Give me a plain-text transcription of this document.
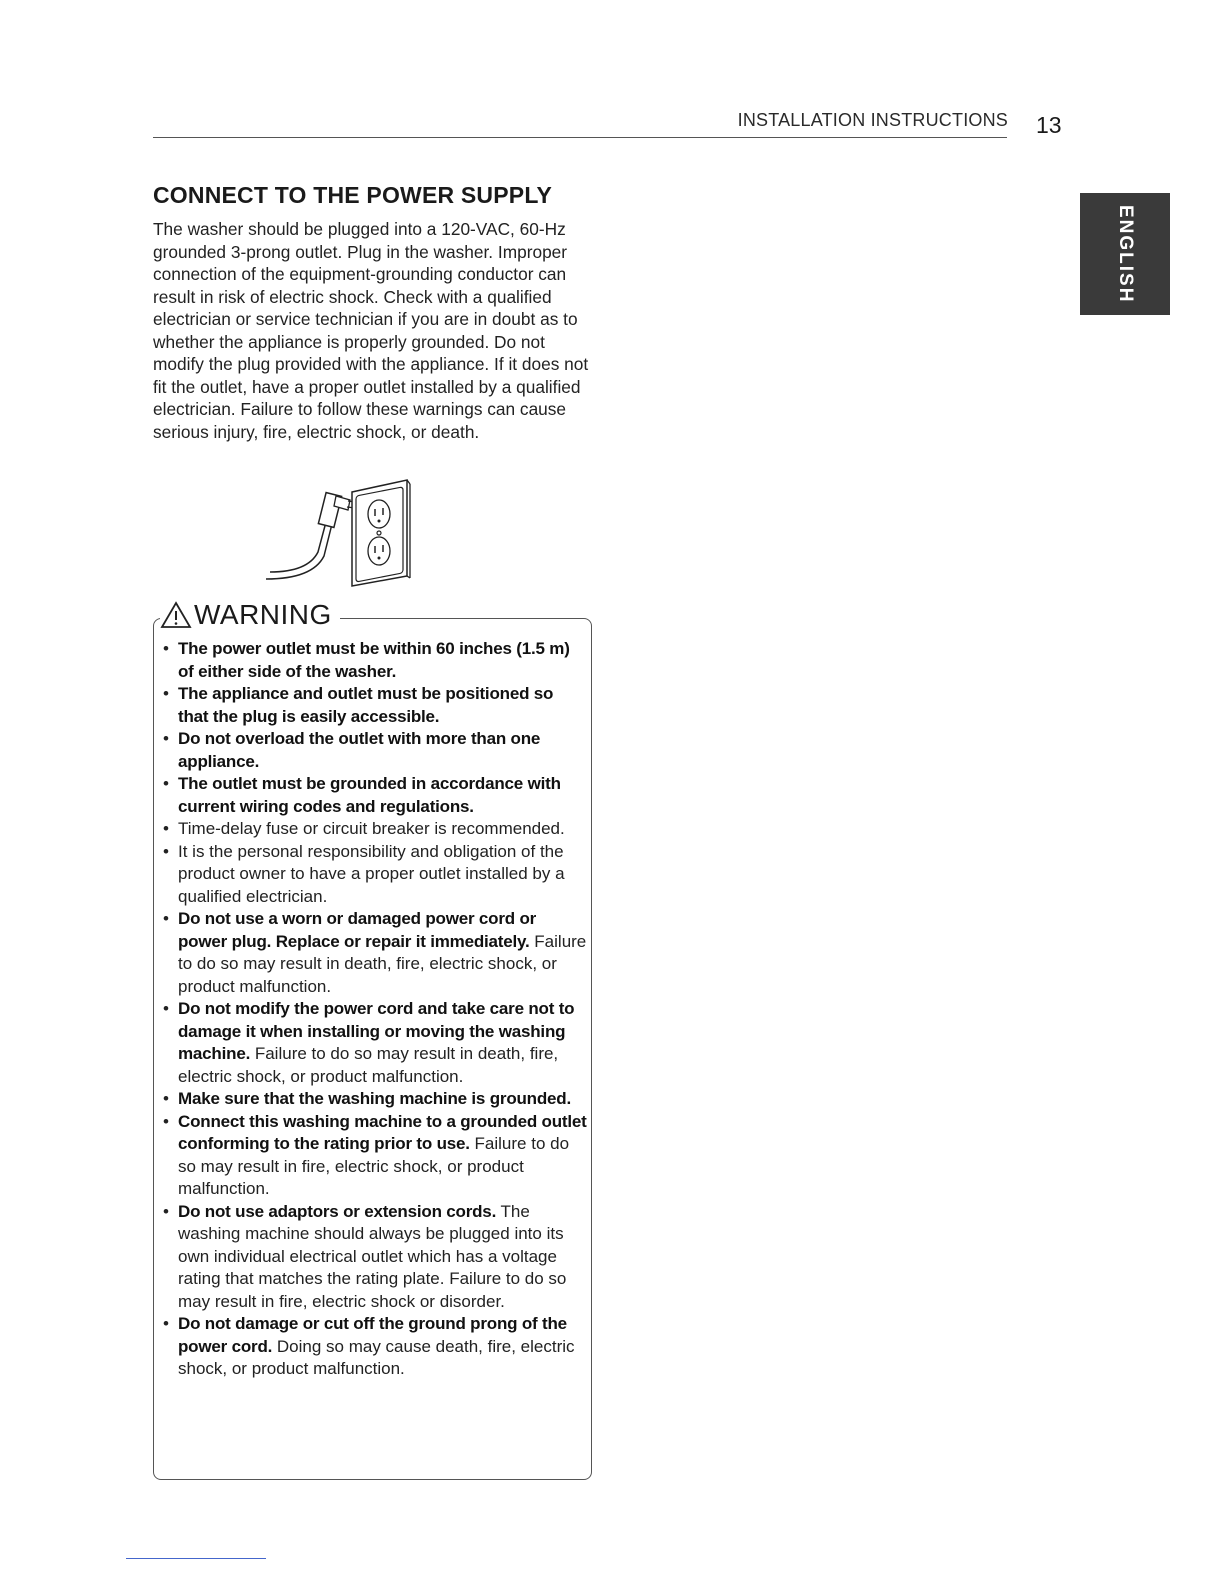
INSTALLATION INSTRUCTIONS 13
ENGLISH
CONNECT TO THE POWER SUPPLY

The washer should be plugged into a 120-VAC, 60-Hz grounded 3-prong outlet. Plug in the washer. Improper connection of the equipment-grounding conductor can result in risk of electric shock. Check with a qualified electrician or service technician if you are in doubt as to whether the appliance is properly grounded. Do not modify the plug provided with the appliance. If it does not fit the outlet, have a proper outlet installed by a qualified electrician. Failure to follow these warnings can cause serious injury, fire, electric shock, or death.

WARNING
• The power outlet must be within 60 inches (1.5 m) of either side of the washer.
• The appliance and outlet must be positioned so that the plug is easily accessible.
• Do not overload the outlet with more than one appliance.
• The outlet must be grounded in accordance with current wiring codes and regulations.
• Time-delay fuse or circuit breaker is recommended.
• It is the personal responsibility and obligation of the product owner to have a proper outlet installed by a qualified electrician.
• Do not use a worn or damaged power cord or power plug. Replace or repair it immediately. Failure to do so may result in death, fire, electric shock, or product malfunction.
• Do not modify the power cord and take care not to damage it when installing or moving the washing machine. Failure to do so may result in death, fire, electric shock, or product malfunction.
• Make sure that the washing machine is grounded.
• Connect this washing machine to a grounded outlet conforming to the rating prior to use. Failure to do so may result in fire, electric shock, or product malfunction.
• Do not use adaptors or extension cords. The washing machine should always be plugged into its own individual electrical outlet which has a voltage rating that matches the rating plate. Failure to do so may result in fire, electric shock or disorder.
• Do not damage or cut off the ground prong of the power cord. Doing so may cause death, fire, electric shock, or product malfunction.
